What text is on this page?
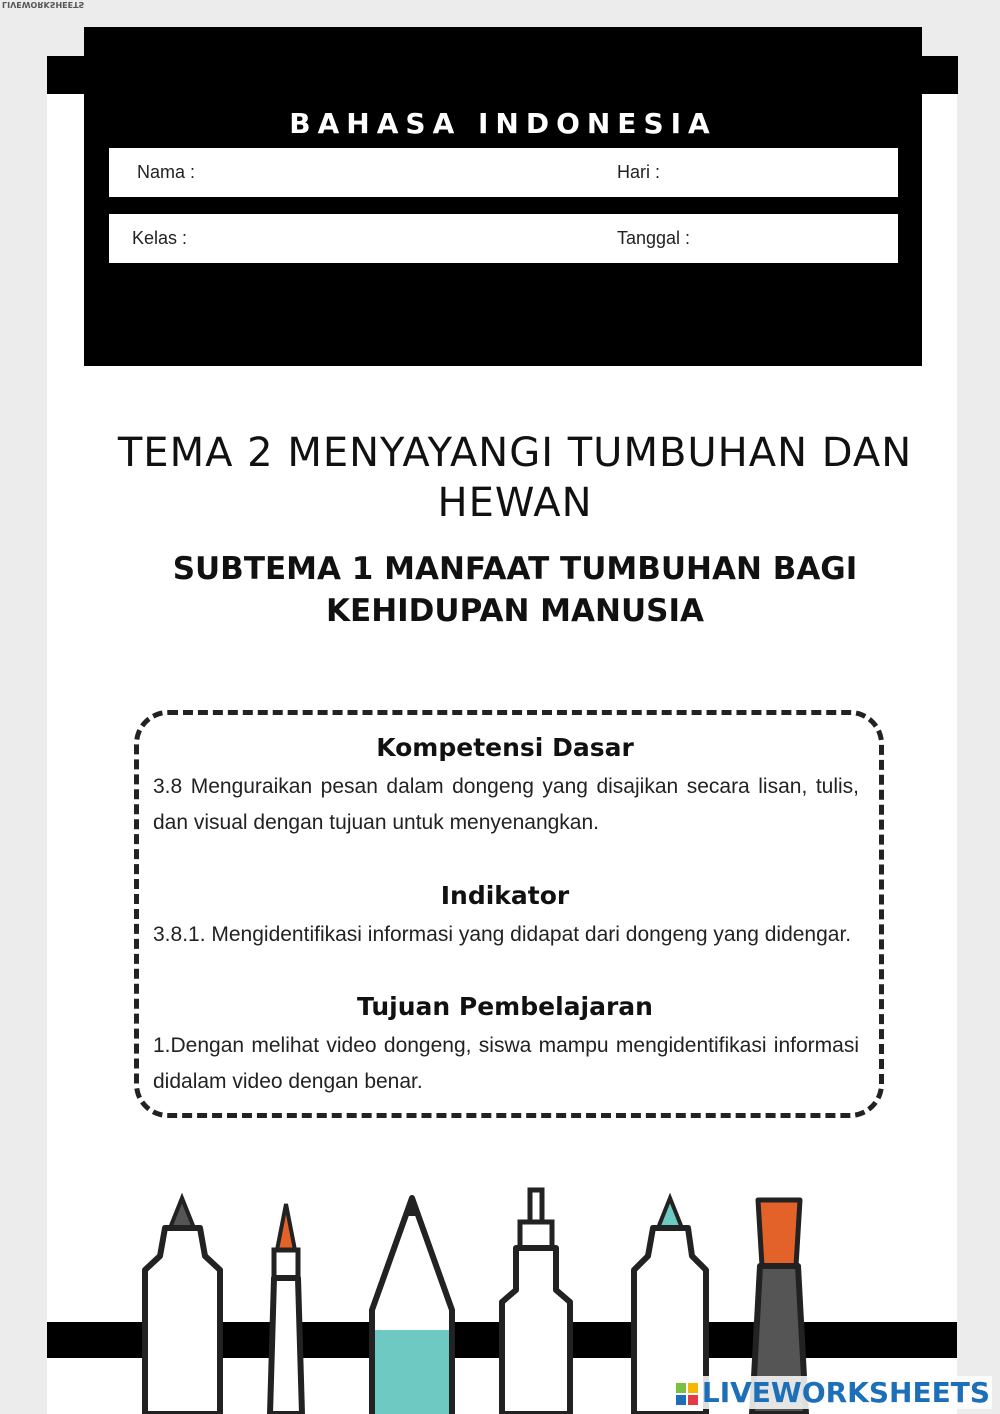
LIVEWORKSHEETS
BAHASA INDONESIA
Nama :	Hari :
Kelas :	Tanggal :
TEMA 2 MENYAYANGI TUMBUHAN DAN HEWAN
SUBTEMA 1 MANFAAT TUMBUHAN BAGI KEHIDUPAN MANUSIA
Kompetensi Dasar
3.8 Menguraikan pesan dalam dongeng yang disajikan secara lisan, tulis, dan visual dengan tujuan untuk menyenangkan.
Indikator
3.8.1. Mengidentifikasi informasi yang didapat dari dongeng yang didengar.
Tujuan Pembelajaran
1.Dengan melihat video dongeng, siswa mampu mengidentifikasi informasi didalam video dengan benar.
LIVEWORKSHEETS
